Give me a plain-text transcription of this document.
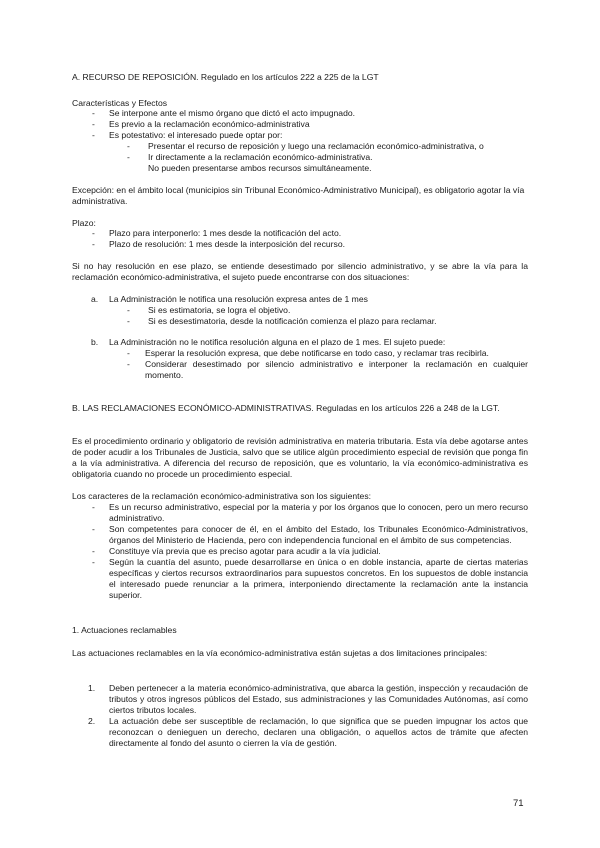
A. RECURSO DE REPOSICIÓN. Regulado en los artículos 222 a 225 de la LGT

Características y Efectos

- Se interpone ante el mismo órgano que dictó el acto impugnado.
- Es previo a la reclamación económico-administrativa
- Es potestativo: el interesado puede optar por:
- Presentar el recurso de reposición y luego una reclamación económico-administrativa, o
- Ir directamente a la reclamación económico-administrativa.

No pueden presentarse ambos recursos simultáneamente.

Excepción: en el ámbito local (municipios sin Tribunal Económico-Administrativo Municipal), es obligatorio agotar la vía administrativa.

Plazo:

- Plazo para interponerlo: 1 mes desde la notificación del acto.
- Plazo de resolución: 1 mes desde la interposición del recurso.

Si no hay resolución en ese plazo, se entiende desestimado por silencio administrativo, y se abre la vía para la reclamación económico-administrativa, el sujeto puede encontrarse con dos situaciones:

a. La Administración le notifica una resolución expresa antes de 1 mes
- Si es estimatoria, se logra el objetivo.
- Si es desestimatoria, desde la notificación comienza el plazo para reclamar.
b. La Administración no le notifica resolución alguna en el plazo de 1 mes. El sujeto puede:
- Esperar la resolución expresa, que debe notificarse en todo caso, y reclamar tras recibirla.
- Considerar desestimado por silencio administrativo e interponer la reclamación en cualquier momento.

B. LAS RECLAMACIONES ECONÓMICO-ADMINISTRATIVAS. Reguladas en los artículos 226 a 248 de la LGT.

Es el procedimiento ordinario y obligatorio de revisión administrativa en materia tributaria. Esta vía debe agotarse antes de poder acudir a los Tribunales de Justicia, salvo que se utilice algún procedimiento especial de revisión que ponga fin a la vía administrativa. A diferencia del recurso de reposición, que es voluntario, la vía económico-administrativa es obligatoria cuando no procede un procedimiento especial.

Los caracteres de la reclamación económico-administrativa son los siguientes:

- Es un recurso administrativo, especial por la materia y por los órganos que lo conocen, pero un mero recurso administrativo.
- Son competentes para conocer de él, en el ámbito del Estado, los Tribunales Económico-Administrativos, órganos del Ministerio de Hacienda, pero con independencia funcional en el ámbito de sus competencias.
- Constituye vía previa que es preciso agotar para acudir a la vía judicial.
- Según la cuantía del asunto, puede desarrollarse en única o en doble instancia, aparte de ciertas materias específicas y ciertos recursos extraordinarios para supuestos concretos. En los supuestos de doble instancia el interesado puede renunciar a la primera, interponiendo directamente la reclamación ante la instancia superior.

1. Actuaciones reclamables

Las actuaciones reclamables en la vía económico-administrativa están sujetas a dos limitaciones principales:

1. Deben pertenecer a la materia económico-administrativa, que abarca la gestión, inspección y recaudación de tributos y otros ingresos públicos del Estado, sus administraciones y las Comunidades Autónomas, así como ciertos tributos locales.
2. La actuación debe ser susceptible de reclamación, lo que significa que se pueden impugnar los actos que reconozcan o denieguen un derecho, declaren una obligación, o aquellos actos de trámite que afecten directamente al fondo del asunto o cierren la vía de gestión.
71
